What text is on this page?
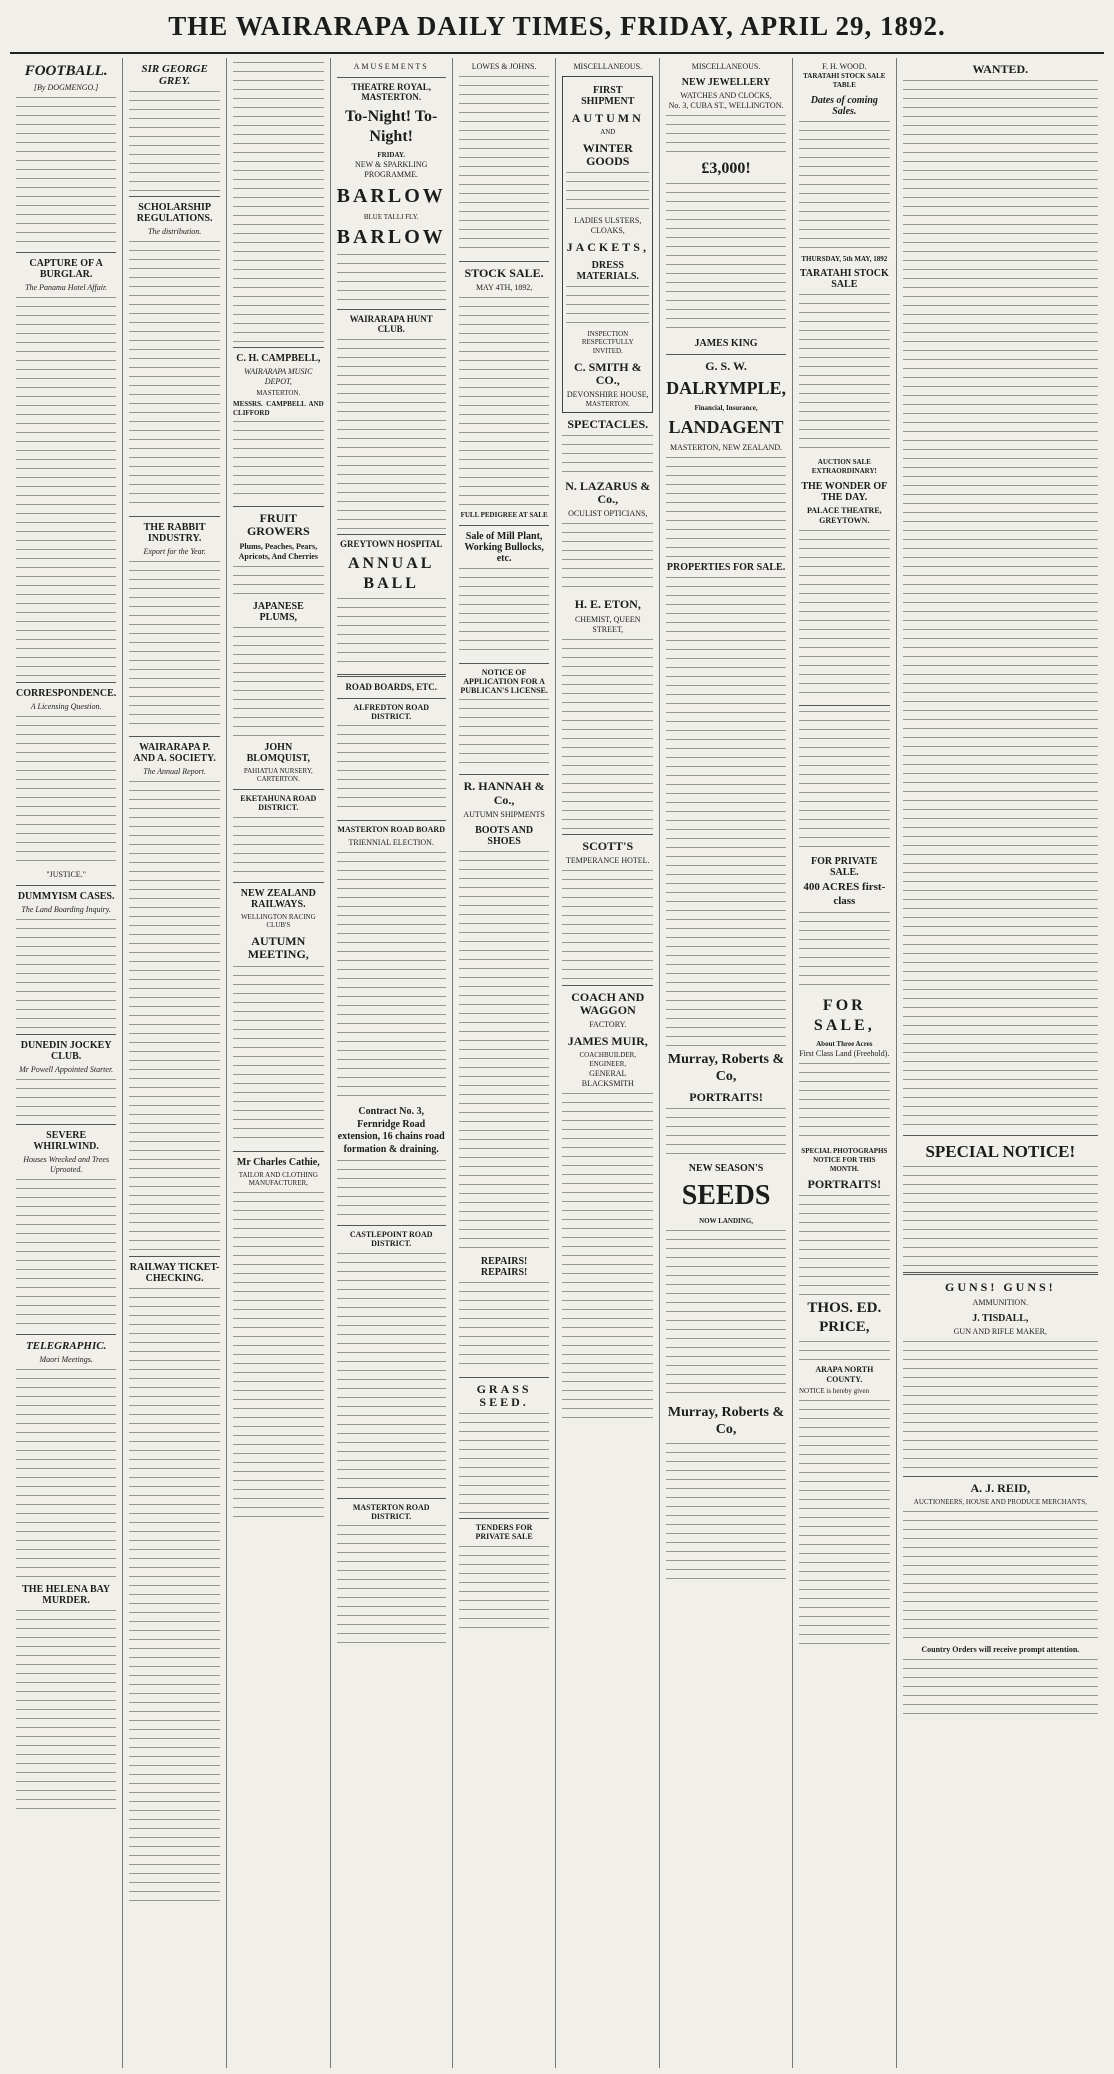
THE WAIRARAPA DAILY TIMES, FRIDAY, APRIL 29, 1892.
FOOTBALL.
[By DOGMENGO.]
CAPTURE OF A BURGLAR.
The Panama Hotel Affair.
CORRESPONDENCE.
A Licensing Question.
"JUSTICE."
DUMMYISM CASES.
The Land Boarding Inquiry.
DUNEDIN JOCKEY CLUB.
Mr Powell Appointed Starter.
SEVERE WHIRLWIND.
Houses Wrecked and Trees Uprooted.
TELEGRAPHIC.
Maori Meetings.
THE HELENA BAY MURDER.
SIR GEORGE GREY.
SCHOLARSHIP REGULATIONS.
The distribution.
THE RABBIT INDUSTRY.
Export for the Year.
WAIRARAPA P. AND A. SOCIETY.
The Annual Report.
RAILWAY TICKET-CHECKING.
C. H. CAMPBELL,
WAIRARAPA MUSIC DEPOT,
MASTERTON.
MESSRS. CAMPBELL AND CLIFFORD
FRUIT GROWERS
Plums, Peaches, Pears, Apricots, And Cherries
JAPANESE PLUMS,
JOHN BLOMQUIST,
PAHIATUA NURSERY,
CARTERTON.
EKETAHUNA ROAD DISTRICT.
NEW ZEALAND RAILWAYS.
WELLINGTON RACING CLUB'S
AUTUMN MEETING,
Mr Charles Cathie,
TAILOR AND CLOTHING MANUFACTURER,
AMUSEMENTS
THEATRE ROYAL, MASTERTON.
To-Night! To-Night!
FRIDAY.
NEW & SPARKLING PROGRAMME.
BARLOW
BLUE TALLI FLY.
BARLOW
WAIRARAPA HUNT CLUB.
GREYTOWN HOSPITAL
ANNUAL BALL
ROAD BOARDS, ETC.
ALFREDTON ROAD DISTRICT.
MASTERTON ROAD BOARD
TRIENNIAL ELECTION.
Contract No. 3, Fernridge Road extension, 16 chains road formation & draining.
CASTLEPOINT ROAD DISTRICT.
MASTERTON ROAD DISTRICT.
LOWES & JOHNS.
STOCK SALE.
MAY 4TH, 1892,
FULL PEDIGREE AT SALE
Sale of Mill Plant, Working Bullocks, etc.
NOTICE OF APPLICATION FOR A PUBLICAN'S LICENSE.
R. HANNAH & Co.,
AUTUMN SHIPMENTS
BOOTS AND SHOES
REPAIRS! REPAIRS!
GRASS SEED.
TENDERS FOR PRIVATE SALE
MISCELLANEOUS.
FIRST SHIPMENT
AUTUMN
AND
WINTER GOODS
LADIES ULSTERS, CLOAKS,
JACKETS,
DRESS MATERIALS.
INSPECTION RESPECTFULLY INVITED.
C. SMITH & CO.,
DEVONSHIRE HOUSE,
MASTERTON.
SPECTACLES.
N. LAZARUS & Co.,
OCULIST OPTICIANS,
H. E. ETON,
CHEMIST, QUEEN STREET,
SCOTT'S
TEMPERANCE HOTEL.
COACH AND WAGGON
FACTORY.
JAMES MUIR,
COACHBUILDER, ENGINEER,
GENERAL BLACKSMITH
MISCELLANEOUS.
NEW JEWELLERY
WATCHES AND CLOCKS,
No. 3, CUBA ST., WELLINGTON.
£3,000!
JAMES KING
G. S. W.
DALRYMPLE,
Financial, Insurance,
LANDAGENT
MASTERTON, NEW ZEALAND.
PROPERTIES FOR SALE.
Murray, Roberts & Co,
PORTRAITS!
NEW SEASON'S
SEEDS
NOW LANDING,
Murray, Roberts & Co,
F. H. WOOD.
TARATAHI STOCK SALE TABLE
Dates of coming Sales.
THURSDAY, 5th MAY, 1892
TARATAHI STOCK SALE
AUCTION SALE EXTRAORDINARY!
THE WONDER OF THE DAY.
PALACE THEATRE, GREYTOWN.
FOR PRIVATE SALE.
400 ACRES first-class
FOR SALE,
About Three Acres
First Class Land (Freehold).
SPECIAL PHOTOGRAPHS NOTICE FOR THIS MONTH.
PORTRAITS!
THOS. ED. PRICE,
ARAPA NORTH COUNTY.
NOTICE is hereby given
WANTED.
SPECIAL NOTICE!
GUNS! GUNS!
AMMUNITION.
J. TISDALL,
GUN AND RIFLE MAKER,
A. J. REID,
AUCTIONEERS, HOUSE AND PRODUCE MERCHANTS,
Country Orders will receive prompt attention.
